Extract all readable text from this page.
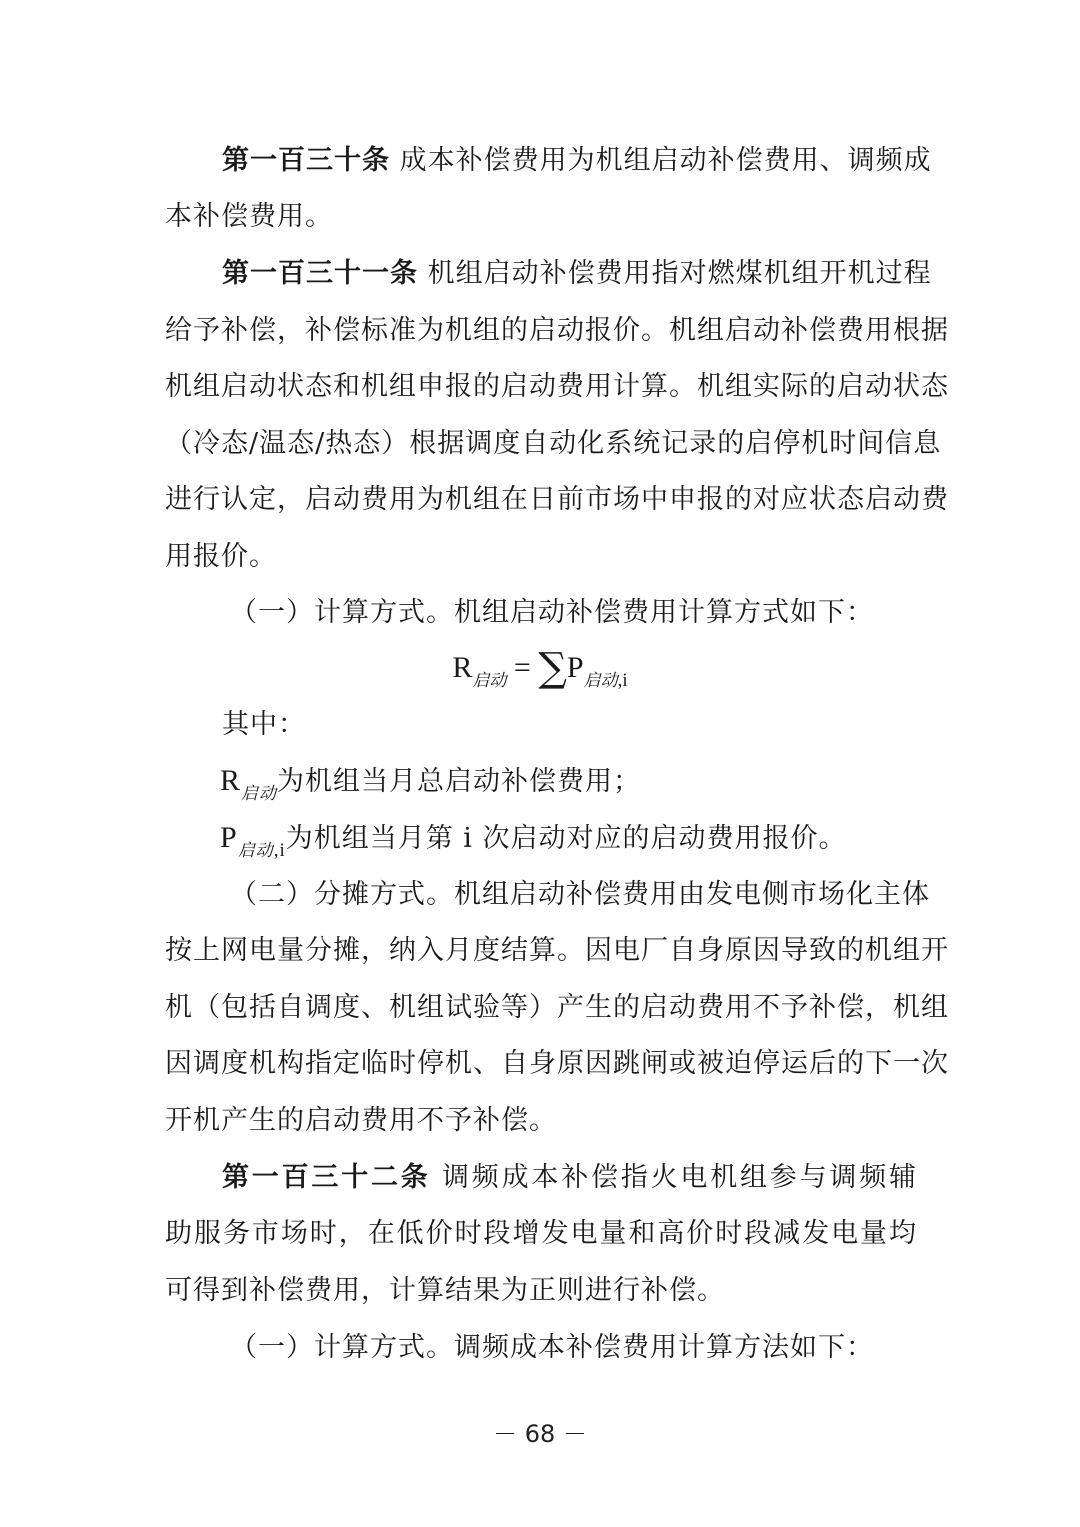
第一百三十条 成本补偿费用为机组启动补偿费用、调频成
本补偿费用。
第一百三十一条 机组启动补偿费用指对燃煤机组开机过程
给予补偿，补偿标准为机组的启动报价。机组启动补偿费用根据
机组启动状态和机组申报的启动费用计算。机组实际的启动状态
（冷态/温态/热态）根据调度自动化系统记录的启停机时间信息
进行认定，启动费用为机组在日前市场中申报的对应状态启动费
用报价。
（一）计算方式。机组启动补偿费用计算方式如下：
$R_{启动} = \sum P_{启动,i}$
其中：
$R_{启动}$为机组当月总启动补偿费用；
$P_{启动,i}$为机组当月第 i 次启动对应的启动费用报价。
（二）分摊方式。机组启动补偿费用由发电侧市场化主体
按上网电量分摊，纳入月度结算。因电厂自身原因导致的机组开
机（包括自调度、机组试验等）产生的启动费用不予补偿，机组
因调度机构指定临时停机、自身原因跳闸或被迫停运后的下一次
开机产生的启动费用不予补偿。
第一百三十二条 调频成本补偿指火电机组参与调频辅
助服务市场时，在低价时段增发电量和高价时段减发电量均
可得到补偿费用，计算结果为正则进行补偿。
（一）计算方式。调频成本补偿费用计算方法如下：
－ 68 －
